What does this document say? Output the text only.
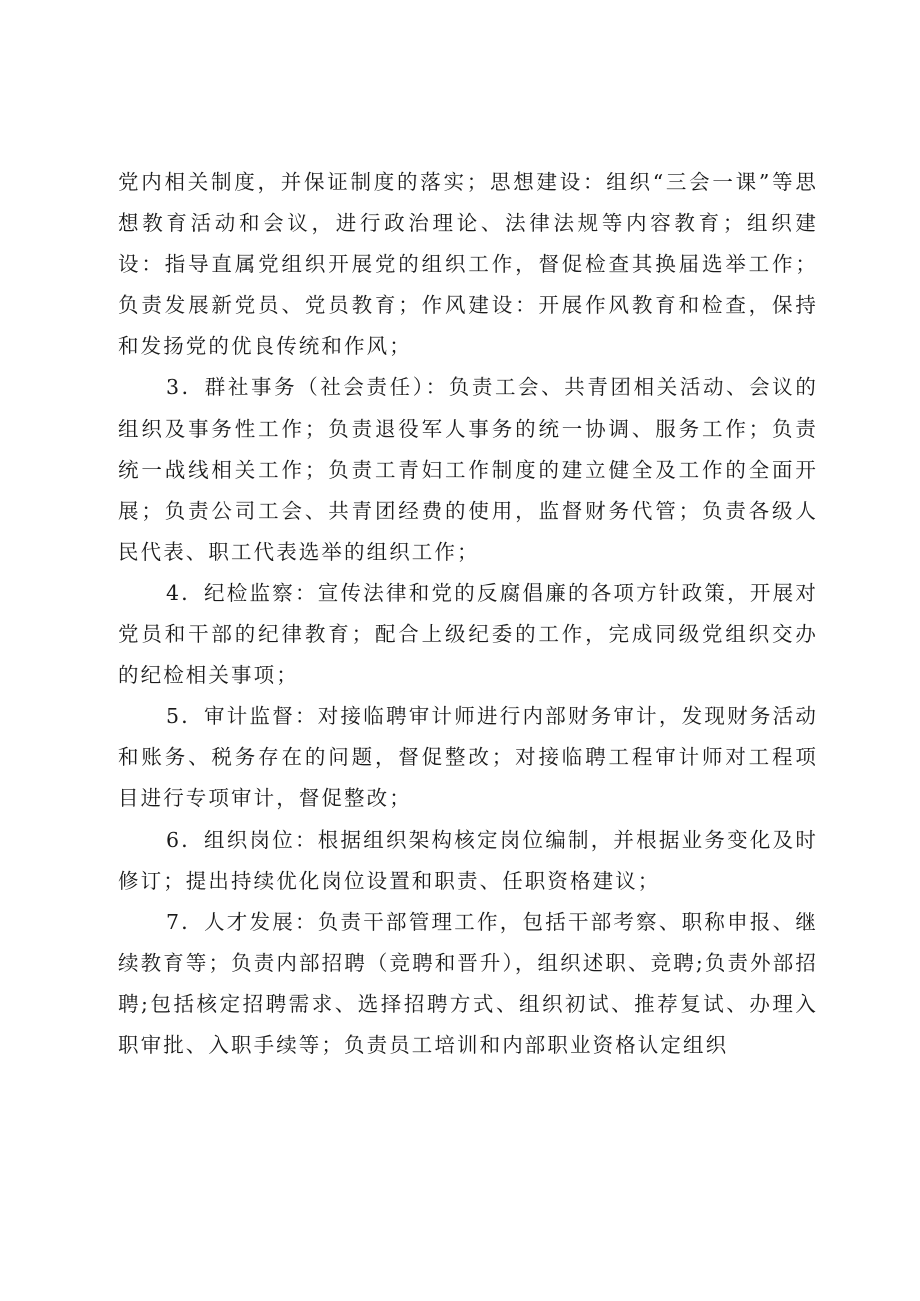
党内相关制度，并保证制度的落实；思想建设：组织“三会一课”等思想教育活动和会议，进行政治理论、法律法规等内容教育；组织建设：指导直属党组织开展党的组织工作，督促检查其换届选举工作；负责发展新党员、党员教育；作风建设：开展作风教育和检查，保持和发扬党的优良传统和作风；

3．群社事务（社会责任）：负责工会、共青团相关活动、会议的组织及事务性工作；负责退役军人事务的统一协调、服务工作；负责统一战线相关工作；负责工青妇工作制度的建立健全及工作的全面开展；负责公司工会、共青团经费的使用，监督财务代管；负责各级人民代表、职工代表选举的组织工作；

4．纪检监察：宣传法律和党的反腐倡廉的各项方针政策，开展对党员和干部的纪律教育；配合上级纪委的工作，完成同级党组织交办的纪检相关事项；

5．审计监督：对接临聘审计师进行内部财务审计，发现财务活动和账务、税务存在的问题，督促整改；对接临聘工程审计师对工程项目进行专项审计，督促整改；

6．组织岗位：根据组织架构核定岗位编制，并根据业务变化及时修订；提出持续优化岗位设置和职责、任职资格建议；

7．人才发展：负责干部管理工作，包括干部考察、职称申报、继续教育等；负责内部招聘（竞聘和晋升），组织述职、竞聘;负责外部招聘;包括核定招聘需求、选择招聘方式、组织初试、推荐复试、办理入职审批、入职手续等；负责员工培训和内部职业资格认定组织
